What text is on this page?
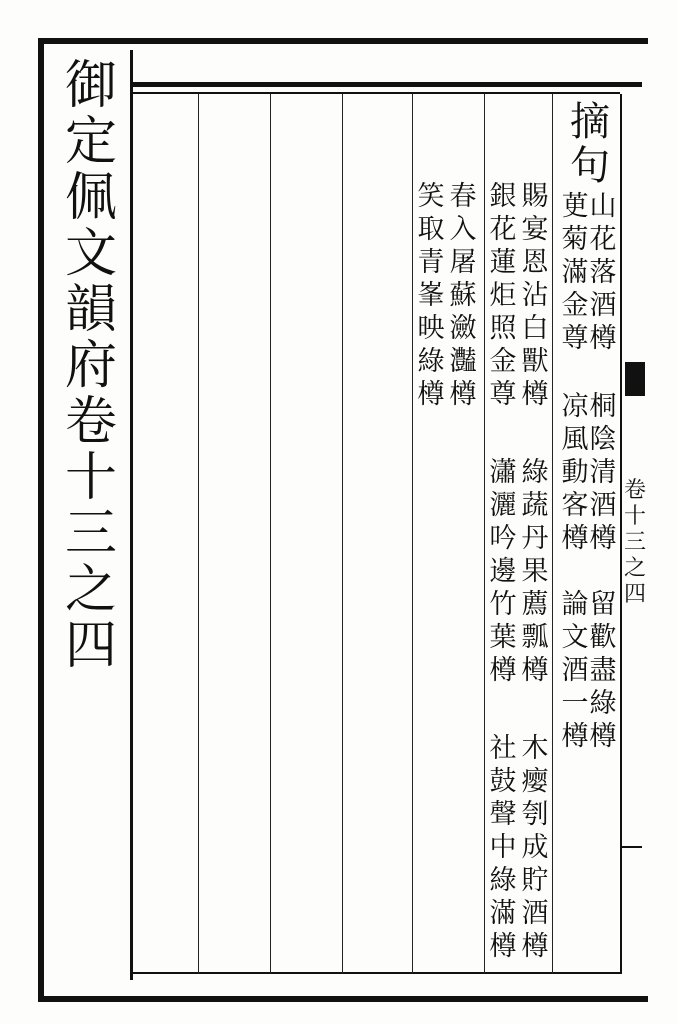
御
定
佩
文
韻
府
卷
十
三
之
四
摘
句
山
花
落
酒
樽
桐
陰
清
酒
樽
留
歡
盡
綠
樽
茰
菊
滿
金
尊
凉
風
動
客
樽
論
文
酒
一
樽
賜
宴
恩
沾
白
獸
樽
綠
蔬
丹
果
薦
瓢
樽
木
瘿
刳
成
貯
酒
樽
銀
花
蓮
炬
照
金
尊
瀟
灑
吟
邊
竹
葉
樽
社
鼓
聲
中
綠
滿
樽
春
入
屠
蘇
瀲
灎
樽
笑
取
青
峯
映
綠
樽
卷
十
三
之
四
